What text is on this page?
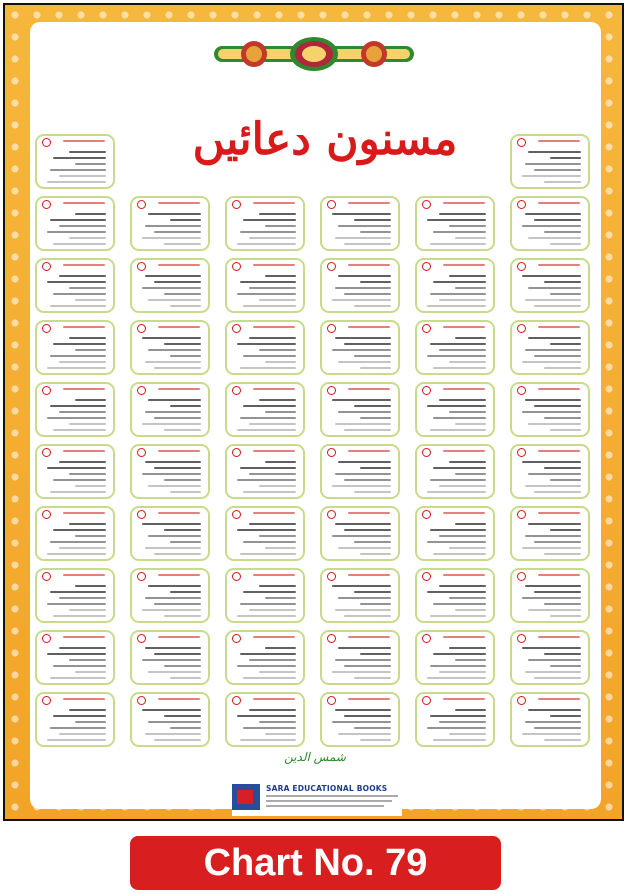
مسنون دعائیں
شمس الدین
SARA EDUCATIONAL BOOKS
Chart No. 79
